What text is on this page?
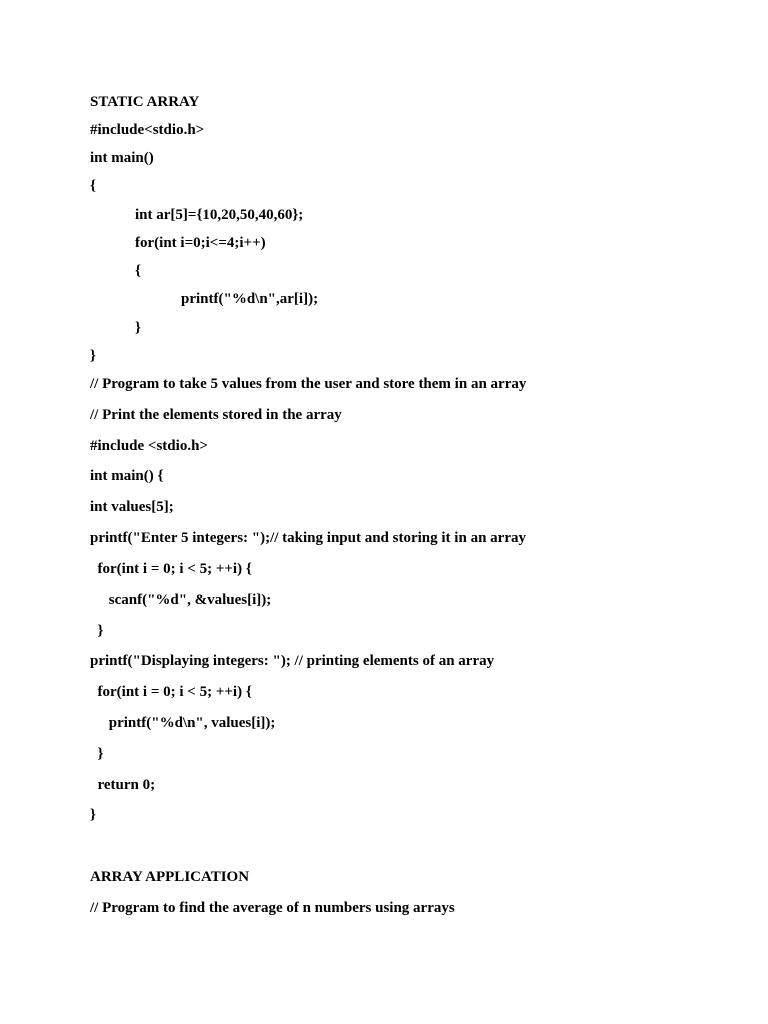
STATIC ARRAY
#include<stdio.h>
int main()
{
int ar[5]={10,20,50,40,60};
for(int i=0;i<=4;i++)
{
printf("%d\n",ar[i]);
}
}
// Program to take 5 values from the user and store them in an array
// Print the elements stored in the array
#include <stdio.h>
int main() {
int values[5];
printf("Enter 5 integers: ");// taking input and storing it in an array
for(int i = 0; i < 5; ++i) {
scanf("%d", &values[i]);
}
printf("Displaying integers: "); // printing elements of an array
for(int i = 0; i < 5; ++i) {
printf("%d\n", values[i]);
}
return 0;
}
ARRAY APPLICATION
// Program to find the average of n numbers using arrays
